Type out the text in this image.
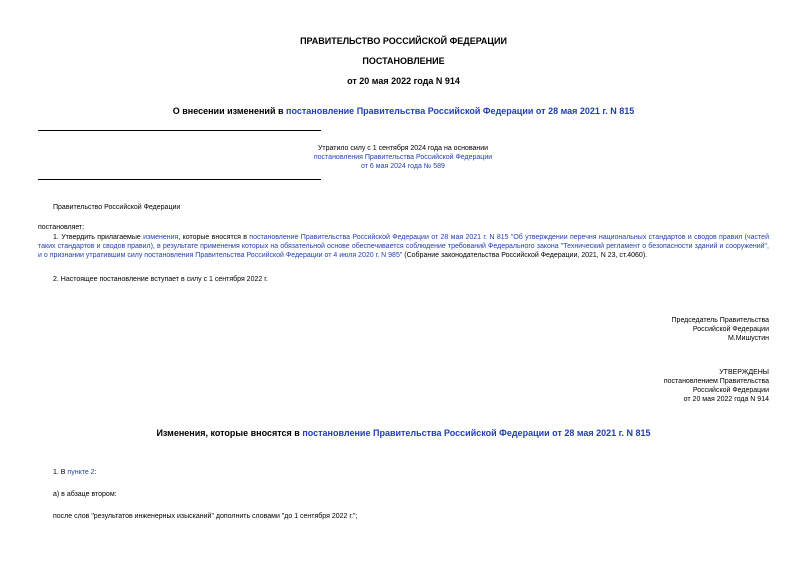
ПРАВИТЕЛЬСТВО РОССИЙСКОЙ ФЕДЕРАЦИИ
ПОСТАНОВЛЕНИЕ
от 20 мая 2022 года N 914
О внесении изменений в постановление Правительства Российской Федерации от 28 мая 2021 г. N 815
Утратило силу с 1 сентября 2024 года на основании
постановления Правительства Российской Федерации
от 6 мая 2024 года № 589
Правительство Российской Федерации
постановляет:
1. Утвердить прилагаемые изменения, которые вносятся в постановление Правительства Российской Федерации от 28 мая 2021 г. N 815 "Об утверждении перечня национальных стандартов и сводов правил (частей таких стандартов и сводов правил), в результате применения которых на обязательной основе обеспечивается соблюдение требований Федерального закона "Технический регламент о безопасности зданий и сооружений", и о признании утратившим силу постановления Правительства Российской Федерации от 4 июля 2020 г. N 985" (Собрание законодательства Российской Федерации, 2021, N 23, ст.4060).
2. Настоящее постановление вступает в силу с 1 сентября 2022 г.
Председатель Правительства
Российской Федерации
М.Мишустин
УТВЕРЖДЕНЫ
постановлением Правительства
Российской Федерации
от 20 мая 2022 года N 914
Изменения, которые вносятся в постановление Правительства Российской Федерации от 28 мая 2021 г. N 815
1. В пункте 2:
а) в абзаце втором:
после слов "результатов инженерных изысканий" дополнить словами "до 1 сентября 2022 г.";
